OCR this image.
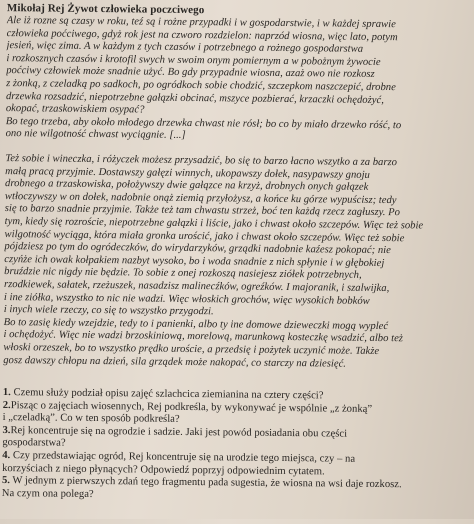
Mikołaj Rej Żywot człowieka poczciwego
Ale iż rozne są czasy w roku, teź są i rożne przypadki i w gospodarstwie, i w każdej sprawie
człowieka poćciwego, gdyż rok jest na czworo rozdzielon: naprzód wiosna, więc lato, potym
jesień, więc zima. A w każdym z tych czasów i potrzebnego a rożnego gospodarstwa
i rozkosznych czasów i krotofil swych w swoim onym pomiernym a w pobożnym żywocie
poćciwy człowiek może snadnie użyć. Bo gdy przypadnie wiosna, azaż owo nie rozkosz
z żonką, z czeladką po sadkoch, po ogródkoch sobie chodzić, szczepkom naszczepić, drobne
drzewka rozsadzić, niepotrzebne gałązki obcinać, mszyce pozbierać, krzaczki ochędożyć,
okopać, trzaskowiskiem osypać?
Bo tego trzeba, aby około młodego drzewka chwast nie rósł; bo co by miało drzewko róść, to
ono nie wilgotność chwast wyciągnie. [...]
Też sobie i wineczka, i różyczek możesz przysadzić, bo się to barzo łacno wszytko a za barzo
małą pracą przyjmie. Dostawszy gałęzi winnych, ukopawszy dołek, nasypawszy gnoju
drobnego a trzaskowiska, położywszy dwie gałązce na krzyż, drobnych onych gałązek
wtłoczywszy w on dołek, nadobnie onąż ziemią przyłożysz, a końce ku górze wypuścisz; tedy
się to barzo snadnie przyjmie. Także też tam chwastu strzeż, boć ten każdą rzecz zagłuszy. Po
tym, kiedy się rozroście, niepotrzebne gałązki i liście, jako i chwast około szczepów. Więc też sobie
wilgotność wyciąga, która miała gronka urościć, jako i chwast około szczepów. Więc też sobie
pójdziesz po tym do ogródeczków, do wirydarzyków, grządki nadobnie kaźesz pokopać; nie
czyńże ich owak kołpakiem nazbyt wysoko, bo i woda snadnie z nich spłynie i w głębokiej
bruździe nic nigdy nie będzie. To sobie z onej rozkoszą nasiejesz ziółek potrzebnych,
rzodkiewek, sałatek, rzeżuszek, nasadzisz malinecźków, ogreźków. I majoranik, i szalwijka,
i ine ziółka, wszystko to nic nie wadzi. Więc włoskich grochów, więc wysokich bobków
i inych wiele rzeczy, co się to wszystko przygodzi.
Bo to zasię kiedy wzejdzie, tedy to i panienki, albo ty ine domowe dzieweczki mogą wypleć
i ochędożyć. Więc nie wadzi brzoskiniową, morelową, marunkową kosteczkę wsadzić, albo też
włoski orzeszek, bo to wszystko prędko uroście, a przedsię i pożytek uczynić może. Także
gosz dawszy chłopu na dzień, sila grządek może nakopać, co starczy na dziesięć.
1. Czemu służy podział opisu zajęć szlachcica ziemianina na cztery części?
2.Pisząc o zajęciach wiosennych, Rej podkreśla, by wykonywać je wspólnie „z żonką”
i „czeladką”. Co w ten sposób podkreśla?
3.Rej koncentruje się na ogrodzie i sadzie. Jaki jest powód posiadania obu części
gospodarstwa?
4. Czy przedstawiając ogród, Rej koncentruje się na urodzie tego miejsca, czy – na
korzyściach z niego płynących? Odpowiedź poprzyj odpowiednim cytatem.
5. W jednym z pierwszych zdań tego fragmentu pada sugestia, że wiosna na wsi daje rozkosz.
Na czym ona polega?
